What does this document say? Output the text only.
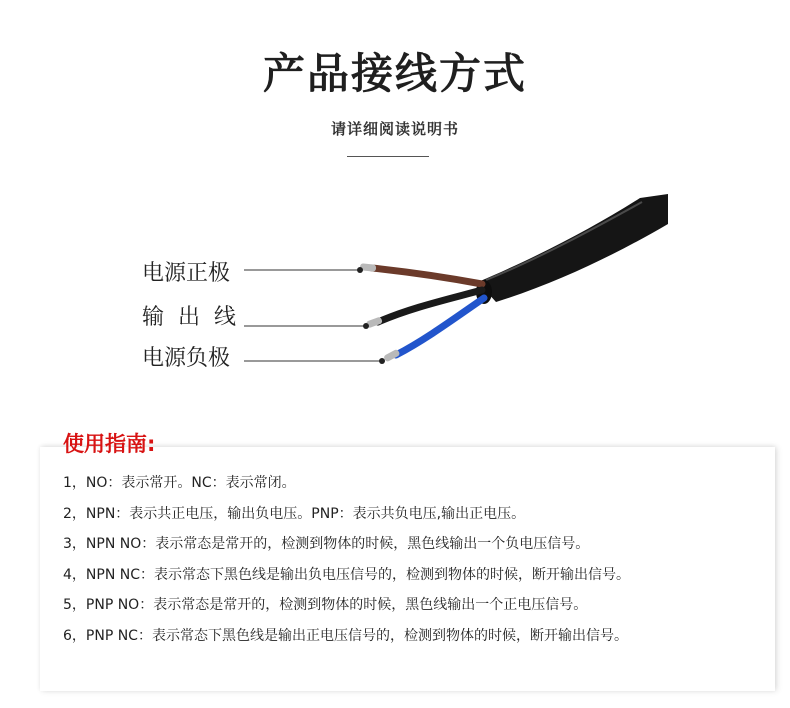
产品接线方式
请详细阅读说明书
电源正极
输出线
电源负极
使用指南:
1，NO：表示常开。NC：表示常闭。
2，NPN：表示共正电压，输出负电压。PNP：表示共负电压,输出正电压。
3，NPN NO：表示常态是常开的，检测到物体的时候，黑色线输出一个负电压信号。
4，NPN NC：表示常态下黑色线是输出负电压信号的，检测到物体的时候，断开输出信号。
5，PNP NO：表示常态是常开的，检测到物体的时候，黑色线输出一个正电压信号。
6，PNP NC：表示常态下黑色线是输出正电压信号的，检测到物体的时候，断开输出信号。
